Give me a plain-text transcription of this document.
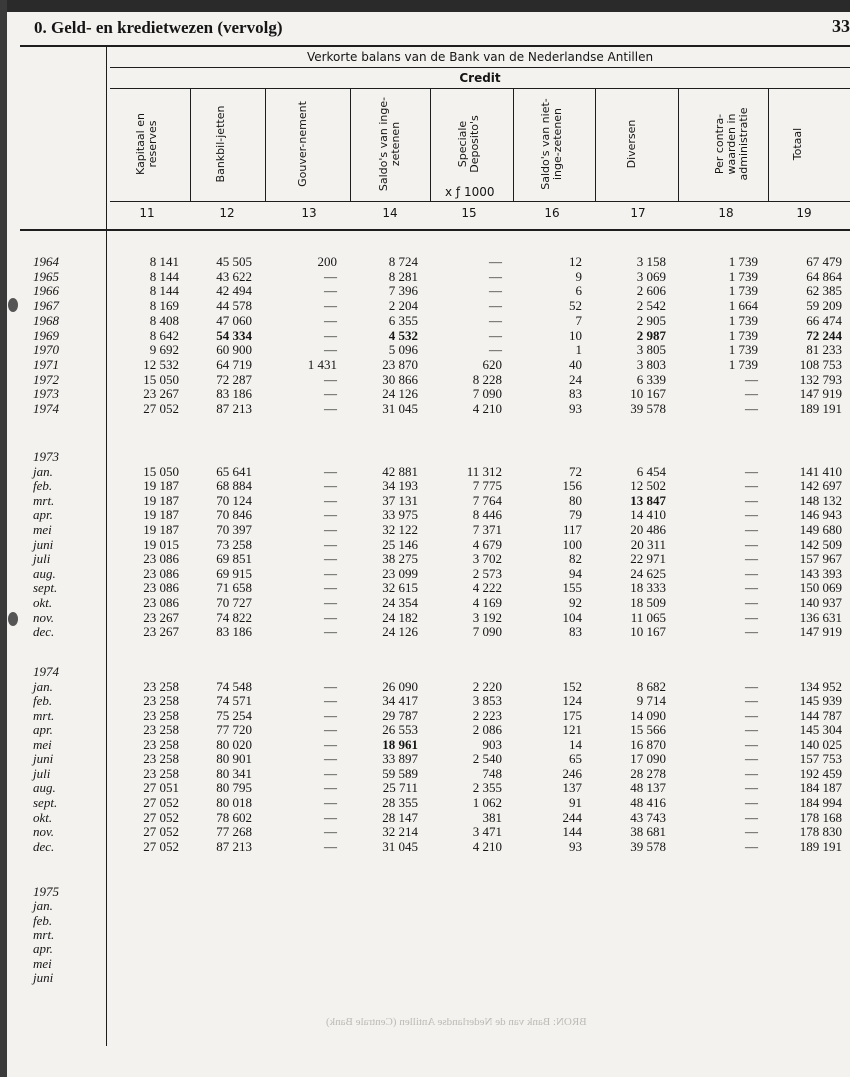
0. Geld- en kredietwezen (vervolg)	33
Verkorte balans van de Bank van de Nederlandse Antillen
Credit
x ƒ 1000
Kapitaal en reserves
11
Bankbil-jetten
12
Gouver-nement
13
Saldo's van inge-zetenen
14
Speciale Deposito's
15
Saldo's van niet-inge-zetenen
16
Diversen
17
Per contra-waarden in administratie
18
Totaal
19
1964	8 141	45 505	200	8 724	—	12	3 158	1 739	67 479
1965	8 144	43 622	—	8 281	—	9	3 069	1 739	64 864
1966	8 144	42 494	—	7 396	—	6	2 606	1 739	62 385
1967	8 169	44 578	—	2 204	—	52	2 542	1 664	59 209
1968	8 408	47 060	—	6 355	—	7	2 905	1 739	66 474
1969	8 642	54 334	—	4 532	—	10	2 987	1 739	72 244
1970	9 692	60 900	—	5 096	—	1	3 805	1 739	81 233
1971	12 532	64 719	1 431	23 870	620	40	3 803	1 739	108 753
1972	15 050	72 287	—	30 866	8 228	24	6 339	—	132 793
1973	23 267	83 186	—	24 126	7 090	83	10 167	—	147 919
1974	27 052	87 213	—	31 045	4 210	93	39 578	—	189 191
1973
jan.	15 050	65 641	—	42 881	11 312	72	6 454	—	141 410
feb.	19 187	68 884	—	34 193	7 775	156	12 502	—	142 697
mrt.	19 187	70 124	—	37 131	7 764	80	13 847	—	148 132
apr.	19 187	70 846	—	33 975	8 446	79	14 410	—	146 943
mei	19 187	70 397	—	32 122	7 371	117	20 486	—	149 680
juni	19 015	73 258	—	25 146	4 679	100	20 311	—	142 509
juli	23 086	69 851	—	38 275	3 702	82	22 971	—	157 967
aug.	23 086	69 915	—	23 099	2 573	94	24 625	—	143 393
sept.	23 086	71 658	—	32 615	4 222	155	18 333	—	150 069
okt.	23 086	70 727	—	24 354	4 169	92	18 509	—	140 937
nov.	23 267	74 822	—	24 182	3 192	104	11 065	—	136 631
dec.	23 267	83 186	—	24 126	7 090	83	10 167	—	147 919
1974
jan.	23 258	74 548	—	26 090	2 220	152	8 682	—	134 952
feb.	23 258	74 571	—	34 417	3 853	124	9 714	—	145 939
mrt.	23 258	75 254	—	29 787	2 223	175	14 090	—	144 787
apr.	23 258	77 720	—	26 553	2 086	121	15 566	—	145 304
mei	23 258	80 020	—	18 961	903	14	16 870	—	140 025
juni	23 258	80 901	—	33 897	2 540	65	17 090	—	157 753
juli	23 258	80 341	—	59 589	748	246	28 278	—	192 459
aug.	27 051	80 795	—	25 711	2 355	137	48 137	—	184 187
sept.	27 052	80 018	—	28 355	1 062	91	48 416	—	184 994
okt.	27 052	78 602	—	28 147	381	244	43 743	—	178 168
nov.	27 052	77 268	—	32 214	3 471	144	38 681	—	178 830
dec.	27 052	87 213	—	31 045	4 210	93	39 578	—	189 191
1975
jan.
feb.
mrt.
apr.
mei
juni
BRON: Bank van de Nederlandse Antillen (Centrale Bank)
